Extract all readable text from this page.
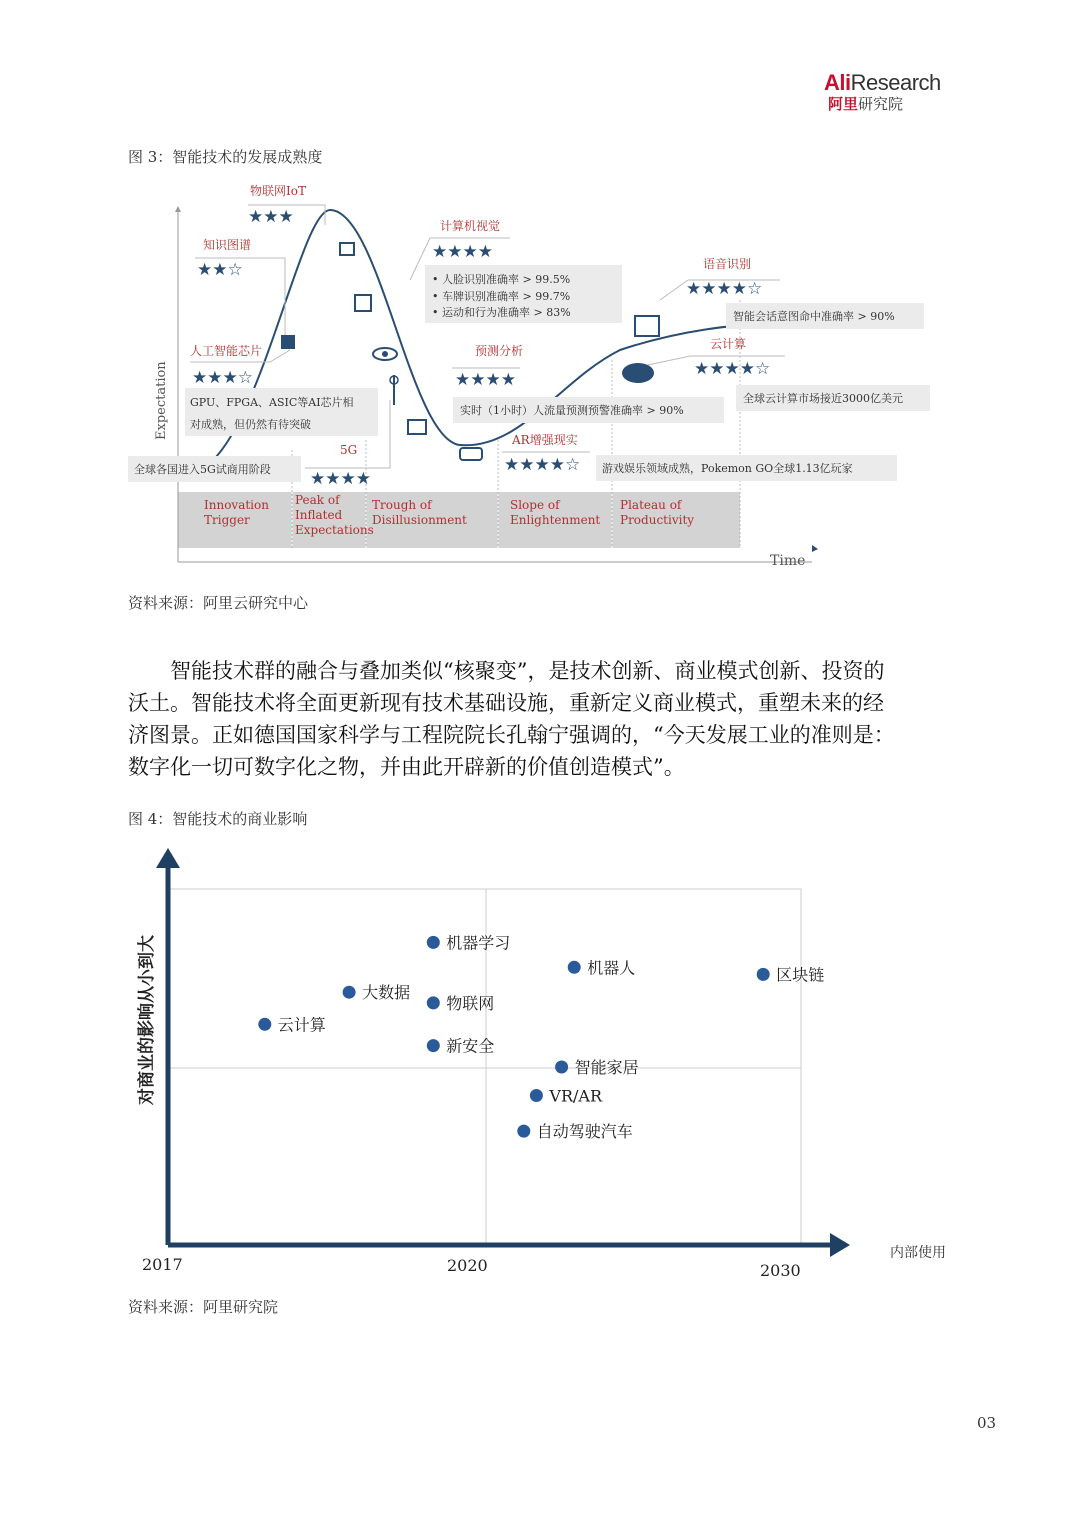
AliResearch
阿里研究院
图 3：智能技术的发展成熟度
Expectation
Time
物联网IoT
知识图谱
人工智能芯片
5G
计算机视觉
预测分析
AR增强现实
语音识别
云计算
★★★
★★☆
★★★☆
★★★★
★★★★
★★★★
★★★★☆
★★★★☆
★★★★☆
GPU、FPGA、ASIC等AI芯片相
对成熟，但仍然有待突破
全球各国进入5G试商用阶段
• 人脸识别准确率 > 99.5%
• 车牌识别准确率 > 99.7%
• 运动和行为准确率 > 83%
实时（1小时）人流量预测预警准确率 > 90%
游戏娱乐领域成熟，Pokemon GO全球1.13亿玩家
智能会话意图命中准确率 > 90%
全球云计算市场接近3000亿美元
Innovation
Trigger
Peak of
Inflated
Expectations
Trough of
Disillusionment
Slope of
Enlightenment
Plateau of
Productivity
资料来源：阿里云研究中心

智能技术群的融合与叠加类似“核聚变”，是技术创新、商业模式创新、投资的

沃土。智能技术将全面更新现有技术基础设施，重新定义商业模式，重塑未来的经

济图景。正如德国国家科学与工程院院长孔翰宁强调的，“今天发展工业的准则是：

数字化一切可数字化之物，并由此开辟新的价值创造模式”。

图 4：智能技术的商业影响
对商业的影响从小到大
内部使用
2017	2020	2030
机器学习
机器人	区块链
大数据
物联网
云计算
新安全
智能家居
VR/AR
自动驾驶汽车
资料来源：阿里研究院
03
